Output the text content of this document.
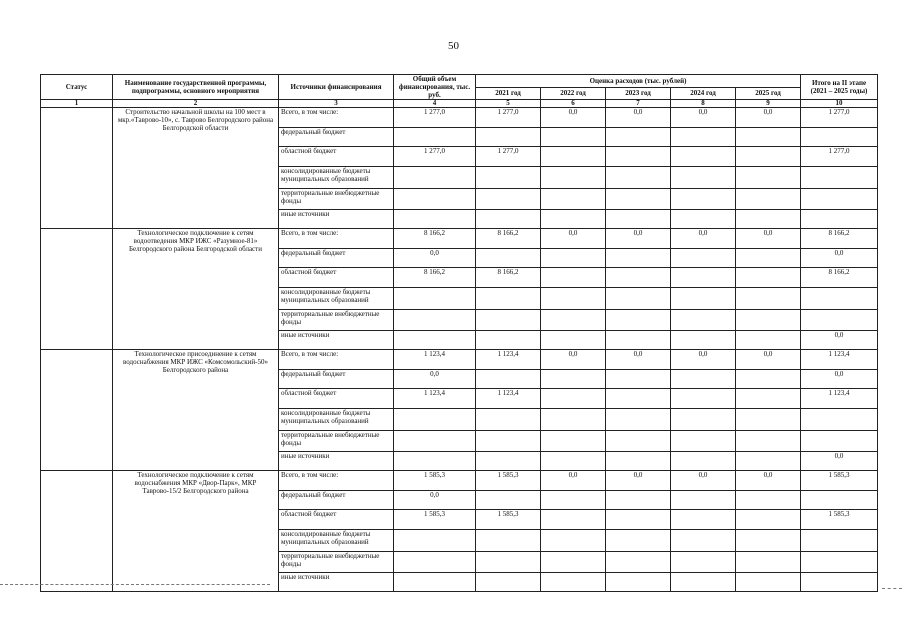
50
Статус	Наименование государственной программы, подпрограммы, основного мероприятия	Источники финансирования	Общий объем финансирования, тыс. руб.	Оценка расходов (тыс. рублей)					Итого на II этапе (2021 – 2025 годы)
				2021 год	2022 год	2023 год	2024 год	2025 год	
1	2	3	4	5	6	7	8	9	10
	Строительство начальной школы на 100 мест в мкр.«Таврово-10», с. Таврово Белгородского района Белгородской области	Всего, в том числе:	1 277,0	1 277,0	0,0	0,0	0,0	0,0	1 277,0
		федеральный бюджет							
		областной бюджет	1 277,0	1 277,0					1 277,0
		консолидированные бюджеты муниципальных образований							
		территориальные внебюджетные фонды							
		иные источники							
	Технологическое подключение к сетям водоотведения МКР ИЖС «Разумное-81» Белгородского района Белгородской области	Всего, в том числе:	8 166,2	8 166,2	0,0	0,0	0,0	0,0	8 166,2
		федеральный бюджет	0,0						0,0
		областной бюджет	8 166,2	8 166,2					8 166,2
		консолидированные бюджеты муниципальных образований							
		территориальные внебюджетные фонды							
		иные источники							0,0
	Технологическое присоединение к сетям водоснабжения МКР ИЖС «Комсомольский-50» Белгородского района	Всего, в том числе:	1 123,4	1 123,4	0,0	0,0	0,0	0,0	1 123,4
		федеральный бюджет	0,0						0,0
		областной бюджет	1 123,4	1 123,4					1 123,4
		консолидированные бюджеты муниципальных образований							
		территориальные внебюджетные фонды							
		иные источники							0,0
	Технологическое подключение к сетям водоснабжения МКР «Двор-Парк», МКР Таврово-15/2 Белгородского района	Всего, в том числе:	1 585,3	1 585,3	0,0	0,0	0,0	0,0	1 585,3
		федеральный бюджет	0,0						
		областной бюджет	1 585,3	1 585,3					1 585,3
		консолидированные бюджеты муниципальных образований							
		территориальные внебюджетные фонды							
		иные источники							
